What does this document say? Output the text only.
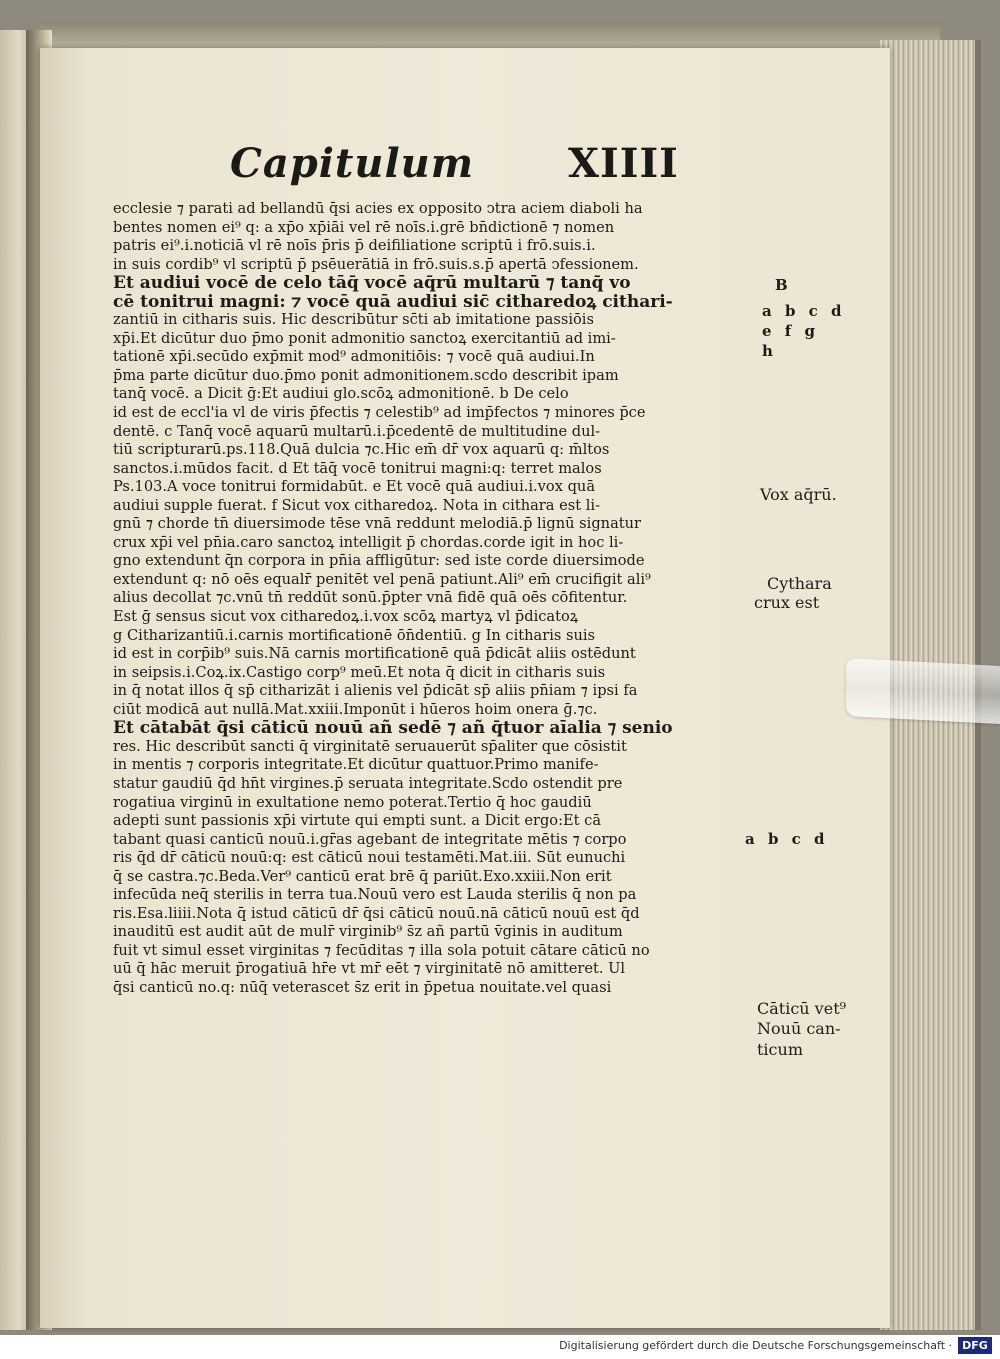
Capitulum XIIII
ecclesie ⁊ parati ad bellandū q̄si acies ex opposito ↄtra aciem diaboli ha
bentes nomen ei⁹ q: a xp̄o xp̄iāi vel rē noīs.i.grē bn̄dictionē ⁊ nomen
patris ei⁹.i.noticiā vl̄ rē noīs p̄ris p̄ deifiliatione scriptū i frō.suis.i.
in suis cordib⁹ vl̄ scriptū p̄ psēuerātiā in frō.suis.s.p̄ apertā ↄfessionem.
Et audiui vocē de celo tāq̄ vocē aq̄rū multarū ⁊ tanq̄ vo
cē tonitrui magni: ⁊ vocē quā audiui sic̄ citharedoꝝ cithari-
zantiū in citharis suis. Hic describūtur sc̄ti ab imitatione passiōis
xp̄i.Et dicūtur duo p̄mo ponit admonitio sanctoꝝ exercitantiū ad imi-
tationē xp̄i.secūdo exp̄mit mod⁹ admonitiōis: ⁊ vocē quā audiui.In
p̄ma parte dicūtur duo.p̄mo ponit admonitionem.scd̄o describit ipam
tanq̄ vocē. a Dicit ḡ:Et audiui glo.scōꝝ admonitionē. b De celo
id est de eccl'ia vl̄ de viris p̄fectis ⁊ celestib⁹ ad imp̄fectos ⁊ minores p̄ce
dentē. c Tanq̄ vocē aquarū multarū.i.p̄cedentē de multitudine dul-
tiū scripturarū.ps.118.Quā dulcia ⁊c.Hic em̄ dr̄ vox aquarū q: m̄ltos
sanctos.i.mūdos facit. d Et tāq̄ vocē tonitrui magni:q: terret malos
Ps.103.A voce tonitrui formidabūt. e Et vocē quā audiui.i.vox quā
audiui supple fuerat. f Sicut vox citharedoꝝ. Nota in cithara est li-
gnū ⁊ chorde tn̄ diuersimode tēse vnā reddunt melodiā.p̄ lignū signatur
crux xp̄i vel pn̄ia.caro sanctoꝝ intelligit̄ p̄ chordas.corde igit̄ in hoc li-
gno extendunt̄ q̄n corpora in pn̄ia affligūtur: sed iste corde diuersimode
extendunt̄ q: nō oēs equalr̄ penitēt vel penā patiunt̄.Ali⁹ em̄ crucifigit̄ ali⁹
alius decollat̄ ⁊c.vnū tn̄ reddūt sonū.p̄pter vnā fidē quā oēs cōfitentur.
Est ḡ sensus sicut vox citharedoꝝ.i.vox scōꝝ martyꝝ vl̄ p̄dicatoꝝ
g Citharizantiū.i.carnis mortificationē ōn̄dentiū. g In citharis suis
id est in corp̄ib⁹ suis.Nā carnis mortificationē quā p̄dicāt aliis ostēdunt
in seipsis.i.Coꝝ.ix.Castigo corp⁹ meū.Et nota q̄ dicit in citharis suis
in q̄ notat illos q̄ sp̄ citharizāt i alienis vel p̄dicāt sp̄ aliis pn̄iam ⁊ ipsi fa
ciūt modicā aut nullā.Mat.xxiii.Imponūt i hūeros hoim onera ḡ.⁊c.
Et cātabāt q̄si cāticū nouū añ sedē ⁊ añ q̄tuor aīalia ⁊ senio
res. Hic describūt̄ sancti q̄ virginitatē seruauerūt sp̄aliter que cōsistit
in mentis ⁊ corporis integritate.Et dicūtur quattuor.Primo manife-
statur gaudiū q̄d hn̄t virgines.p̄ seruata integritate.Scd̄o ostendit̄ pre
rogatiua virginū in exultatione nemo poterat.Tertio q̄ hoc gaudiū
adepti sunt passionis xp̄i virtute qui empti sunt. a Dicit ergo:Et cā
tabant quasi canticū nouū.i.gr̄as agebant de integritate mētis ⁊ corpo
ris q̄d dr̄ cāticū nouū:q: est cāticū noui testamēti.Mat.iii. Sūt eunuchi
q̄ se castra.⁊c.Beda.Ver⁹ canticū erat brē q̄ pariūt.Exo.xxiii.Non erit
infecūda neq̄ sterilis in terra tua.Nouū vero est Lauda sterilis q̄ non pa
ris.Esa.liiii.Nota q̄ istud cāticū dr̄ q̄si cāticū nouū.nā cāticū nouū est q̄d
inauditū est audit aūt de mulr̄ virginib⁹ s̄z añ partū v̄ginis in auditum
fuit vt simul esset virginitas ⁊ fecūditas ⁊ illa sola potuit cātare cāticū no
uū q̄ hāc meruit p̄rogatiuā hr̄e vt mr̄ eēt ⁊ virginitatē nō amitteret. Ul̄
q̄si canticū no.q: nūq̄ veterascet s̄z erit in p̄petua nouitate.vel quasi
B
a b c d
e f g
h
Vox aq̄rū.
Cythara
crux est
a b c d
Cāticū vet⁹
Nouū can-
ticum
Digitalisierung gefördert durch die Deutsche Forschungsgemeinschaft · DFG
